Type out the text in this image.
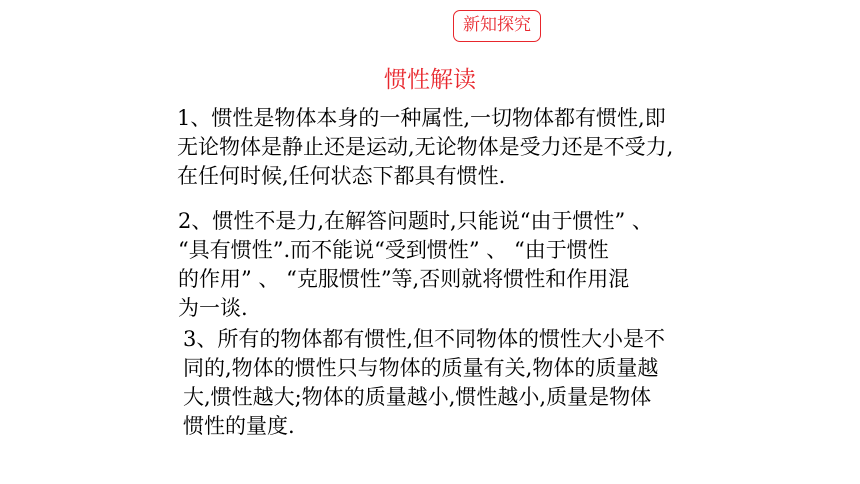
新知探究
惯性解读
1、惯性是物体本身的一种属性,一切物体都有惯性,即
无论物体是静止还是运动,无论物体是受力还是不受力,
在任何时候,任何状态下都具有惯性.
2、惯性不是力,在解答问题时,只能说“由于惯性” 、
“具有惯性”.而不能说“受到惯性” 、 “由于惯性
的作用” 、 “克服惯性”等,否则就将惯性和作用混
为一谈.
3、所有的物体都有惯性,但不同物体的惯性大小是不
同的,物体的惯性只与物体的质量有关,物体的质量越
大,惯性越大;物体的质量越小,惯性越小,质量是物体
惯性的量度.
